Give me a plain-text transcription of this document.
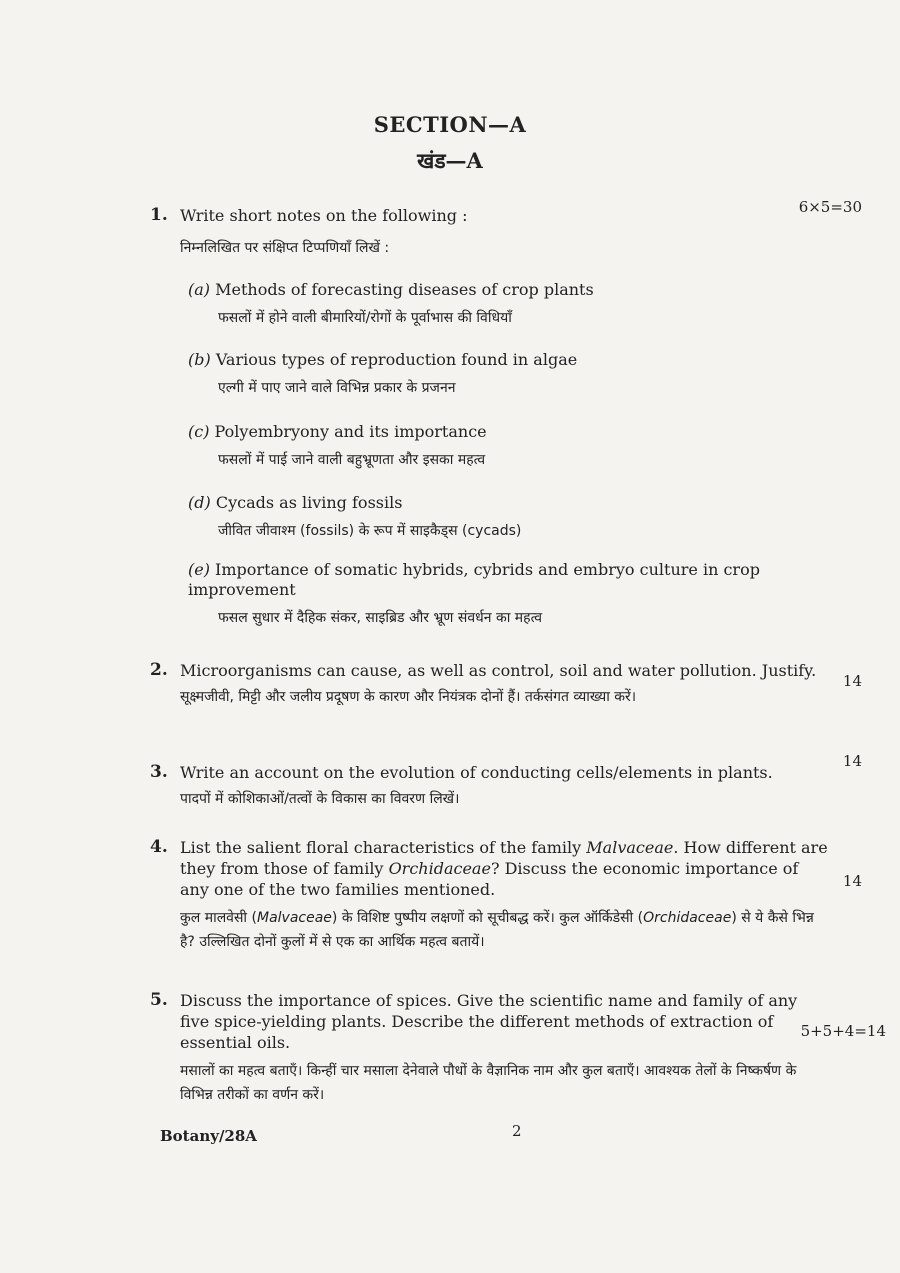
SECTION—A
खंड—A
1. Write short notes on the following :
निम्नलिखित पर संक्षिप्त टिप्पणियाँ लिखें :
6×5=30
(a) Methods of forecasting diseases of crop plants
फसलों में होने वाली बीमारियों/रोगों के पूर्वाभास की विधियाँ
(b) Various types of reproduction found in algae
एल्गी में पाए जाने वाले विभिन्न प्रकार के प्रजनन
(c) Polyembryony and its importance
फसलों में पाई जाने वाली बहुभ्रूणता और इसका महत्व
(d) Cycads as living fossils
जीवित जीवाश्म (fossils) के रूप में साइकैड्स (cycads)
(e) Importance of somatic hybrids, cybrids and embryo culture in crop improvement
फसल सुधार में दैहिक संकर, साइब्रिड और भ्रूण संवर्धन का महत्व
2. Microorganisms can cause, as well as control, soil and water pollution. Justify.
सूक्ष्मजीवी, मिट्टी और जलीय प्रदूषण के कारण और नियंत्रक दोनों हैं। तर्कसंगत व्याख्या करें।
14
3. Write an account on the evolution of conducting cells/elements in plants.
पादपों में कोशिकाओं/तत्वों के विकास का विवरण लिखें।
14
4. List the salient floral characteristics of the family Malvaceae. How different are they from those of family Orchidaceae? Discuss the economic importance of any one of the two families mentioned.
कुल मालवेसी (Malvaceae) के विशिष्ट पुष्पीय लक्षणों को सूचीबद्ध करें। कुल ऑर्किडेसी (Orchidaceae) से ये कैसे भिन्न है? उल्लिखित दोनों कुलों में से एक का आर्थिक महत्व बतायें।
14
5. Discuss the importance of spices. Give the scientific name and family of any five spice-yielding plants. Describe the different methods of extraction of essential oils.
मसालों का महत्व बताएँ। किन्हीं चार मसाला देनेवाले पौधों के वैज्ञानिक नाम और कुल बताएँ। आवश्यक तेलों के निष्कर्षण के विभिन्न तरीकों का वर्णन करें।
5+5+4=14
Botany/28A	2
